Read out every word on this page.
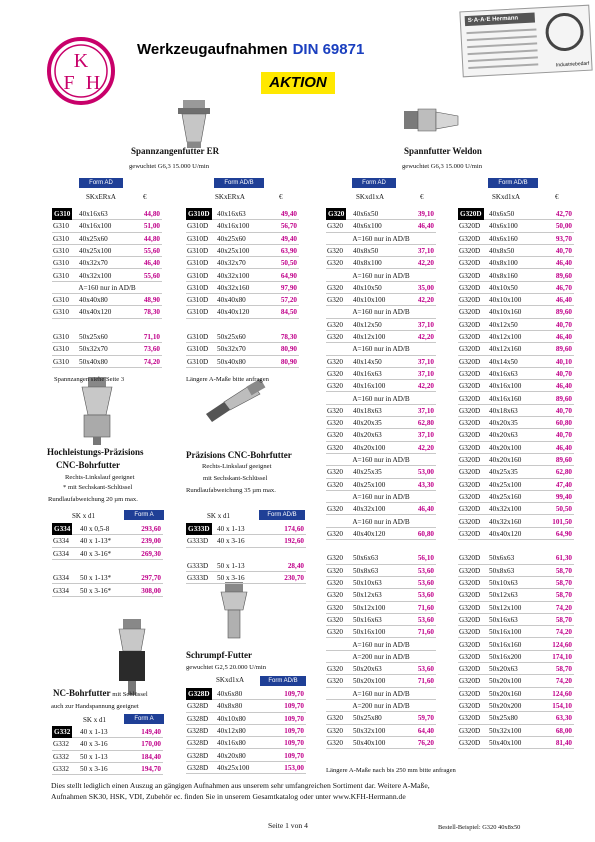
K
F H
Werkzeugaufnahmen DIN 69871
AKTION
S·A·A·E Hermann
Industriebedarf
Spannzangenfutter ER
gewuchtet G6,3 15.000 U/min
Spannfutter Weldon
gewuchtet G6,3 15.000 U/min
Form AD	Form AD/B
SKxERxA	€	SKxERxA	€
Form AD	Form AD/B
SKxd1xA	€	SKxd1xA	€
G310 40x16x63	44,80
G310 40x16x100	51,00
G310 40x25x60	44,80
G310 40x25x100	55,60
G310 40x32x70	46,40
G310 40x32x100	55,60
A=160 nur in AD/B
G310 40x40x80	48,90
G310 40x40x120	78,30
G310 50x25x60	71,10
G310 50x32x70	73,60
G310 50x40x80	74,20
G310D 40x16x63	49,40
G310D 40x16x100	56,70
G310D 40x25x60	49,40
G310D 40x25x100	63,90
G310D 40x32x70	50,50
G310D 40x32x100	64,90
G310D 40x32x160	97,90
G310D 40x40x80	57,20
G310D 40x40x120	84,50
G310D 50x25x60	78,30
G310D 50x32x70	80,90
G310D 50x40x80	80,90
G320 40x6x50	39,10
G320 40x6x100	46,40
A=160 nur in AD/B
G320 40x8x50	37,10
G320 40x8x100	42,20
A=160 nur in AD/B
G320 40x10x50	35,00
G320 40x10x100	42,20
A=160 nur in AD/B
G320 40x12x50	37,10
G320 40x12x100	42,20
A=160 nur in AD/B
G320 40x14x50	37,10
G320 40x16x63	37,10
G320 40x16x100	42,20
A=160 nur in AD/B
G320 40x18x63	37,10
G320 40x20x35	62,80
G320 40x20x63	37,10
G320 40x20x100	42,20
A=160 nur in AD/B
G320 40x25x35	53,00
G320 40x25x100	43,30
A=160 nur in AD/B
G320 40x32x100	46,40
A=160 nur in AD/B
G320 40x40x120	60,80
G320 50x6x63	56,10
G320 50x8x63	53,60
G320 50x10x63	53,60
G320 50x12x63	53,60
G320 50x12x100	71,60
G320 50x16x63	53,60
G320 50x16x100	71,60
A=160 nur in AD/B
A=200 nur in AD/B
G320 50x20x63	53,60
G320 50x20x100	71,60
A=160 nur in AD/B
A=200 nur in AD/B
G320 50x25x80	59,70
G320 50x32x100	64,40
G320 50x40x100	76,20
G320D 40x6x50	42,70
G320D 40x6x100	50,00
G320D 40x6x160	93,70
G320D 40x8x50	40,70
G320D 40x8x100	46,40
G320D 40x8x160	89,60
G320D 40x10x50	46,70
G320D 40x10x100	46,40
G320D 40x10x160	89,60
G320D 40x12x50	40,70
G320D 40x12x100	46,40
G320D 40x12x160	89,60
G320D 40x14x50	40,10
G320D 40x16x63	40,70
G320D 40x16x100	46,40
G320D 40x16x160	89,60
G320D 40x18x63	40,70
G320D 40x20x35	60,80
G320D 40x20x63	40,70
G320D 40x20x100	46,40
G320D 40x20x160	89,60
G320D 40x25x35	62,80
G320D 40x25x100	47,40
G320D 40x25x160	99,40
G320D 40x32x100	50,50
G320D 40x32x160	101,50
G320D 40x40x120	64,90
G320D 50x6x63	61,30
G320D 50x8x63	58,70
G320D 50x10x63	58,70
G320D 50x12x63	58,70
G320D 50x12x100	74,20
G320D 50x16x63	58,70
G320D 50x16x100	74,20
G320D 50x16x160	124,60
G320D 50x16x200	174,10
G320D 50x20x63	58,70
G320D 50x20x100	74,20
G320D 50x20x160	124,60
G320D 50x20x200	154,10
G320D 50x25x80	63,30
G320D 50x32x100	68,00
G320D 50x40x100	81,40
G334 40 x 0,5-8	293,60
G334 40 x 1-13*	239,00
G334 40 x 3-16*	269,30
G334 50 x 1-13*	297,70
G334 50 x 3-16*	308,00
G333D 40 x 1-13	174,60
G333D 40 x 3-16	192,60
G333D 50 x 1-13	28,40
G333D 50 x 3-16	230,70
G332 40 x 1-13	149,40
G332 40 x 3-16	170,00
G332 50 x 1-13	184,40
G332 50 x 3-16	194,70
G328D 40x6x80	109,70
G328D 40x8x80	109,70
G328D 40x10x80	109,70
G328D 40x12x80	109,70
G328D 40x16x80	109,70
G328D 40x20x80	109,70
G328D 40x25x100	153,00
Spannzangen siehe Seite 3	Längere A-Maße bitte anfragen
Längere A-Maße nach bis 250 mm bitte anfragen
Hochleistungs-Präzisions
CNC-Bohrfutter
Rechts-Linkslauf geeignet
* mit Sechskant-Schlüssel
Rundlaufabweichung 20 µm max.
SK x d1	Form A
Präzisions CNC-Bohrfutter
Rechts-Linkslauf geeignet
mit Sechskant-Schlüssel
Rundlaufabweichung 35 µm max.
SK x d1	Form AD/B
Schrumpf-Futter
gewuchtet G2,5 20.000 U/min
SKxd1xA	Form AD/B
NC-Bohrfutter mit Schlüssel
auch zur Handspannung geeignet
SK x d1	Form A
Dies stellt lediglich einen Auszug an gängigen Aufnahmen aus unserem sehr umfangreichen Sortiment dar. Weitere A-Maße,
Aufnahmen SK30, HSK, VDI, Zubehör ec. finden Sie in unserem Gesamtkatalog oder unter www.KFH-Hermann.de
Seite 1 von 4	Bestell-Beispiel: G320 40x8x50
